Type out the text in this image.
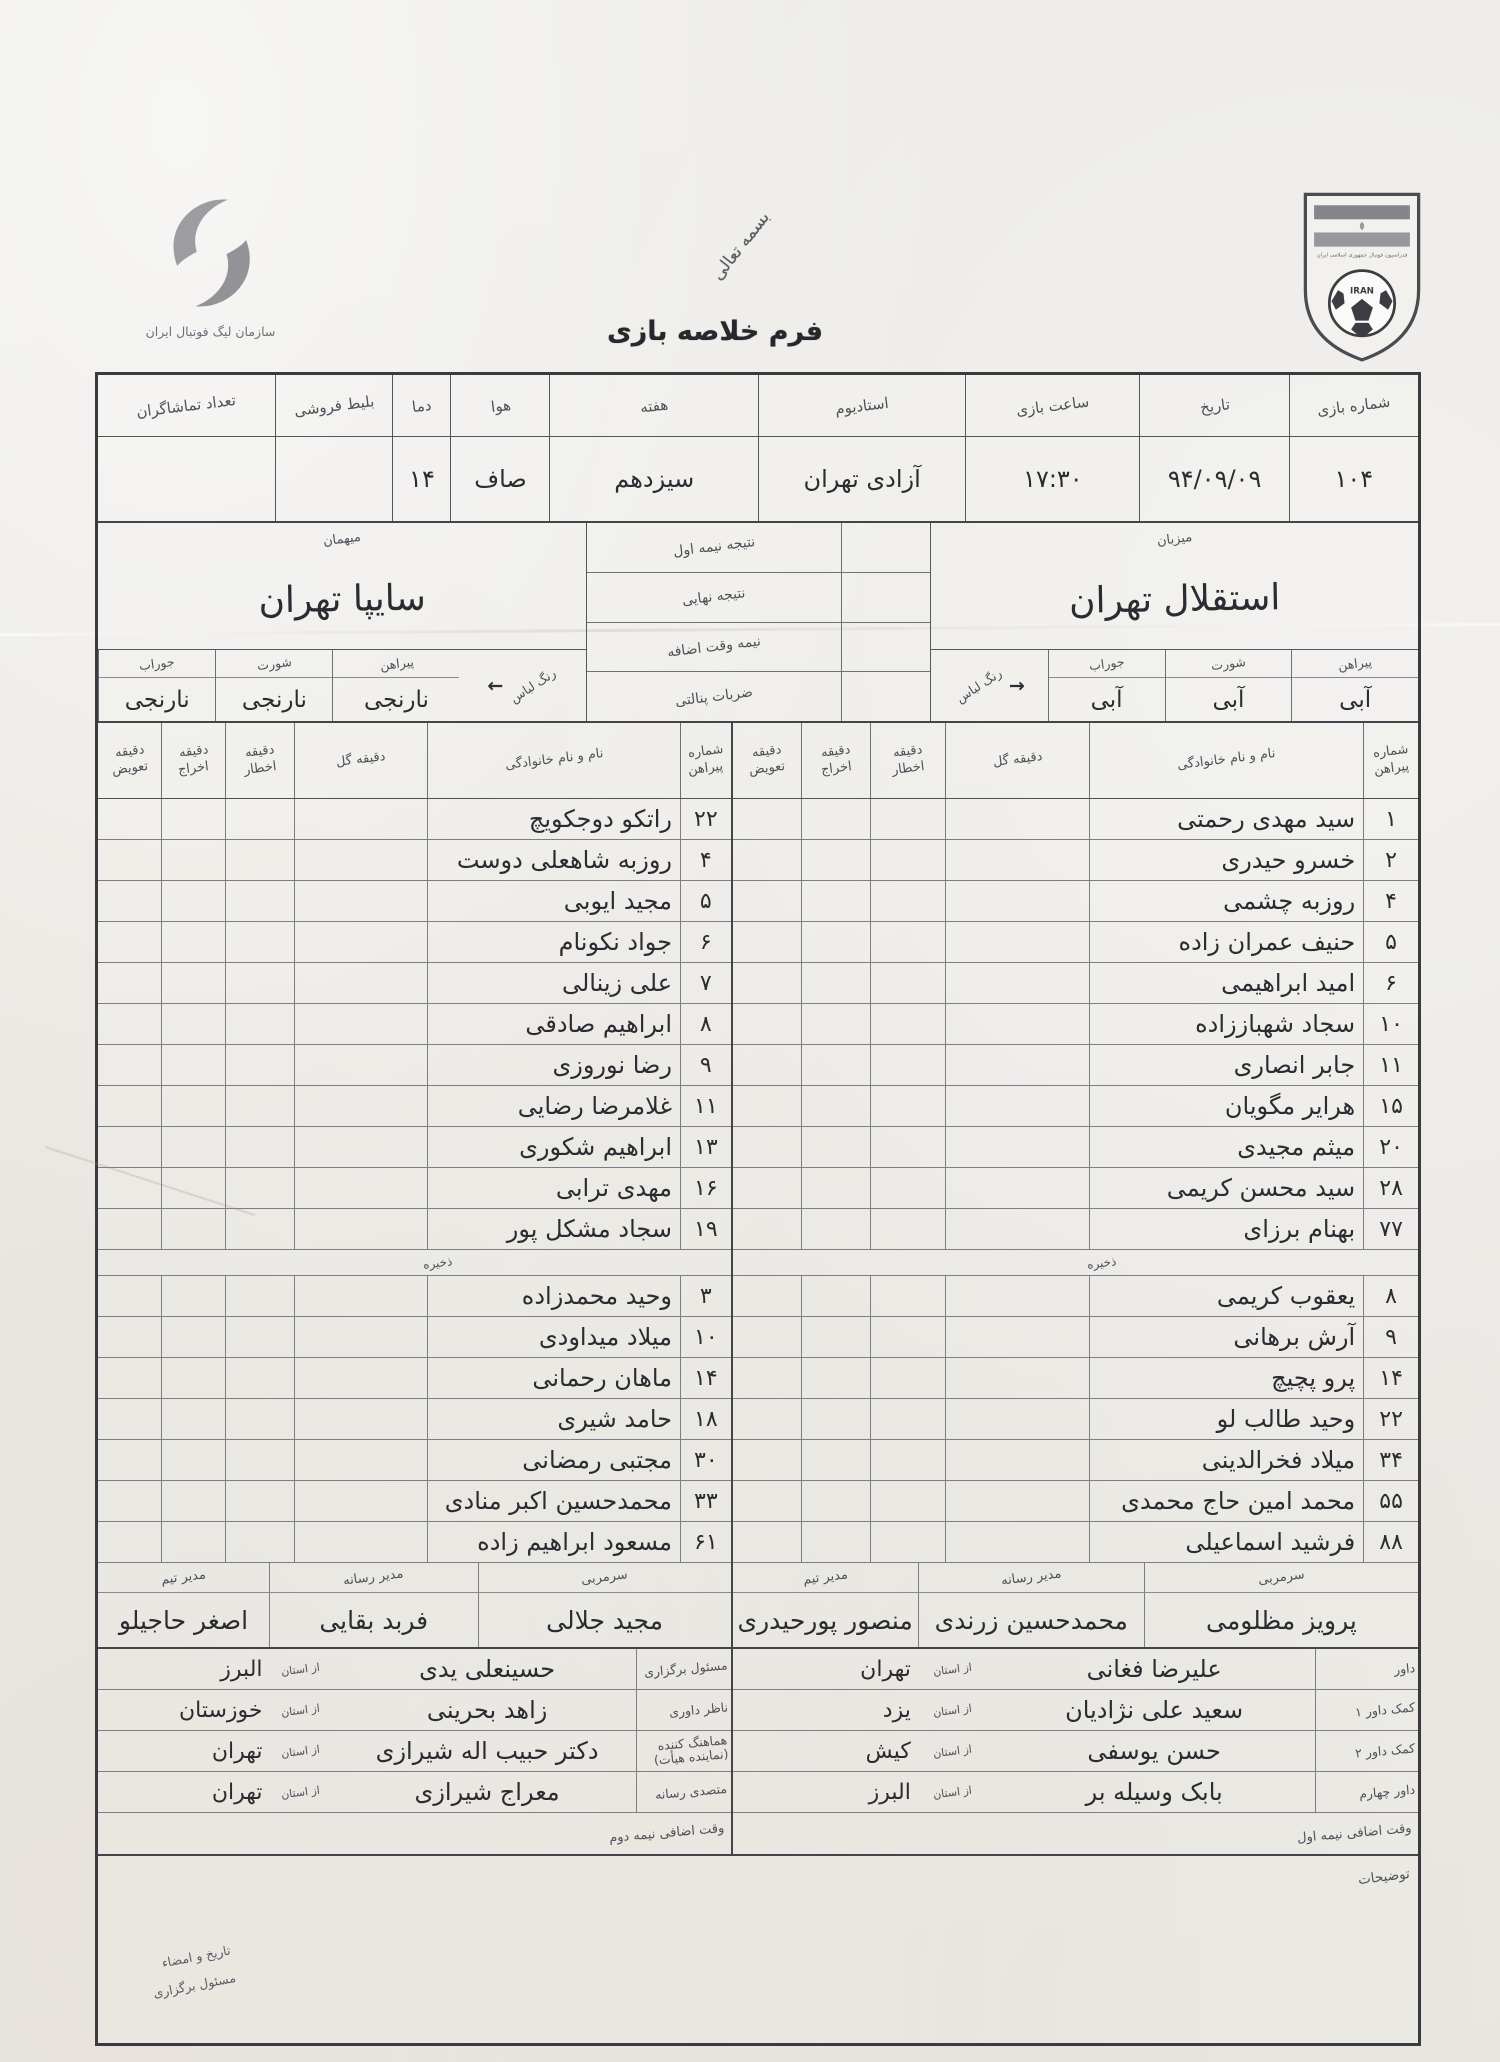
سازمان لیگ فوتبال ایران
بسمه تعالی
فرم خلاصه بازی
فدراسیون فوتبال جمهوری اسلامی ایران
IRAN
شماره بازی
تاریخ
ساعت بازی
استادیوم
هفته
هوا
دما
بلیط فروشی
تعداد تماشاگران
۱۰۴
۹۴/۰۹/۰۹
۱۷:۳۰
آزادی تهران
سیزدهم
صاف
۱۴
میزبان
استقلال تهران
پیراهن
آبی
شورت
آبی
جوراب
آبی
→
رنگ لباس
نتیجه نیمه اول
نتیجه نهایی
نیمه وقت اضافه
ضربات پنالتی
میهمان
سایپا تهران
رنگ لباس
←
پیراهن
نارنجی
شورت
نارنجی
جوراب
نارنجی
شماره
پیراهن
نام و نام خانوادگی
دقیقه گل
دقیقه
اخطار
دقیقه
اخراج
دقیقه
تعویض
۱
سید مهدی رحمتی
۲
خسرو حیدری
۴
روزبه چشمی
۵
حنیف عمران زاده
۶
امید ابراهیمی
۱۰
سجاد شهباززاده
۱۱
جابر انصاری
۱۵
هرایر مگویان
۲۰
میثم مجیدی
۲۸
سید محسن کریمی
۷۷
بهنام برزای
ذخیره
۸
یعقوب کریمی
۹
آرش برهانی
۱۴
پرو پچیچ
۲۲
وحید طالب لو
۳۴
میلاد فخرالدینی
۵۵
محمد امین حاج محمدی
۸۸
فرشید اسماعیلی
سرمربی
مدیر رسانه
مدیر تیم
پرویز مظلومی
محمدحسین زرندی
منصور پورحیدری
داور
علیرضا فغانی
از استان
تهران
کمک داور ۱
سعید علی نژادیان
از استان
یزد
کمک داور ۲
حسن یوسفی
از استان
کیش
داور چهارم
بابک وسیله بر
از استان
البرز
وقت اضافی نیمه اول
شماره
پیراهن
نام و نام خانوادگی
دقیقه گل
دقیقه
اخطار
دقیقه
اخراج
دقیقه
تعویض
۲۲
راتکو دوجکویچ
۴
روزبه شاهعلی دوست
۵
مجید ایوبی
۶
جواد نکونام
۷
علی زینالی
۸
ابراهیم صادقی
۹
رضا نوروزی
۱۱
غلامرضا رضایی
۱۳
ابراهیم شکوری
۱۶
مهدی ترابی
۱۹
سجاد مشکل پور
ذخیره
۳
وحید محمدزاده
۱۰
میلاد میداودی
۱۴
ماهان رحمانی
۱۸
حامد شیری
۳۰
مجتبی رمضانی
۳۳
محمدحسین اکبر منادی
۶۱
مسعود ابراهیم زاده
سرمربی
مدیر رسانه
مدیر تیم
مجید جلالی
فربد بقایی
اصغر حاجیلو
مسئول برگزاری
حسینعلی یدی
از استان
البرز
ناظر داوری
زاهد بحرینی
از استان
خوزستان
هماهنگ کننده (نماینده هیأت)
دکتر حبیب اله شیرازی
از استان
تهران
متصدی رسانه
معراج شیرازی
از استان
تهران
وقت اضافی نیمه دوم
توضیحات
تاریخ و امضاء
مسئول برگزاری
